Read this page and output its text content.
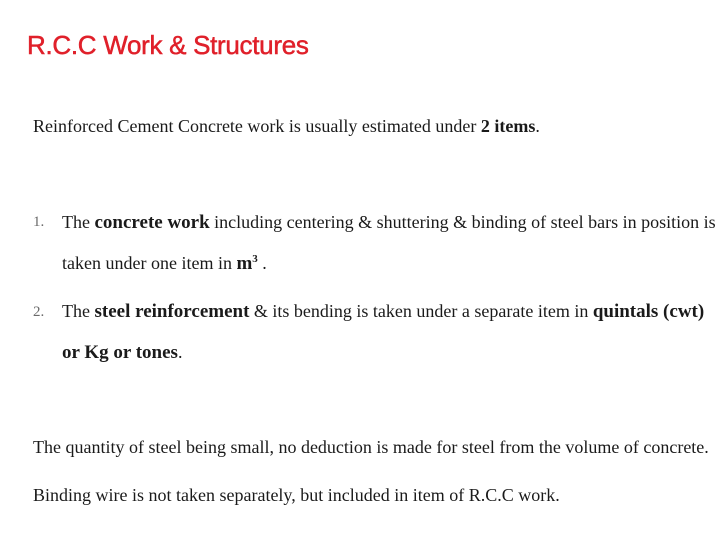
R.C.C Work & Structures
Reinforced Cement Concrete work is usually estimated under 2 items.
1. The concrete work including centering & shuttering & binding of steel bars in position is
taken under one item in $m^3$ .
2. The steel reinforcement & its bending is taken under a separate item in quintals (cwt)
or Kg or tones.
The quantity of steel being small, no deduction is made for steel from the volume of concrete.
Binding wire is not taken separately, but included in item of R.C.C work.
